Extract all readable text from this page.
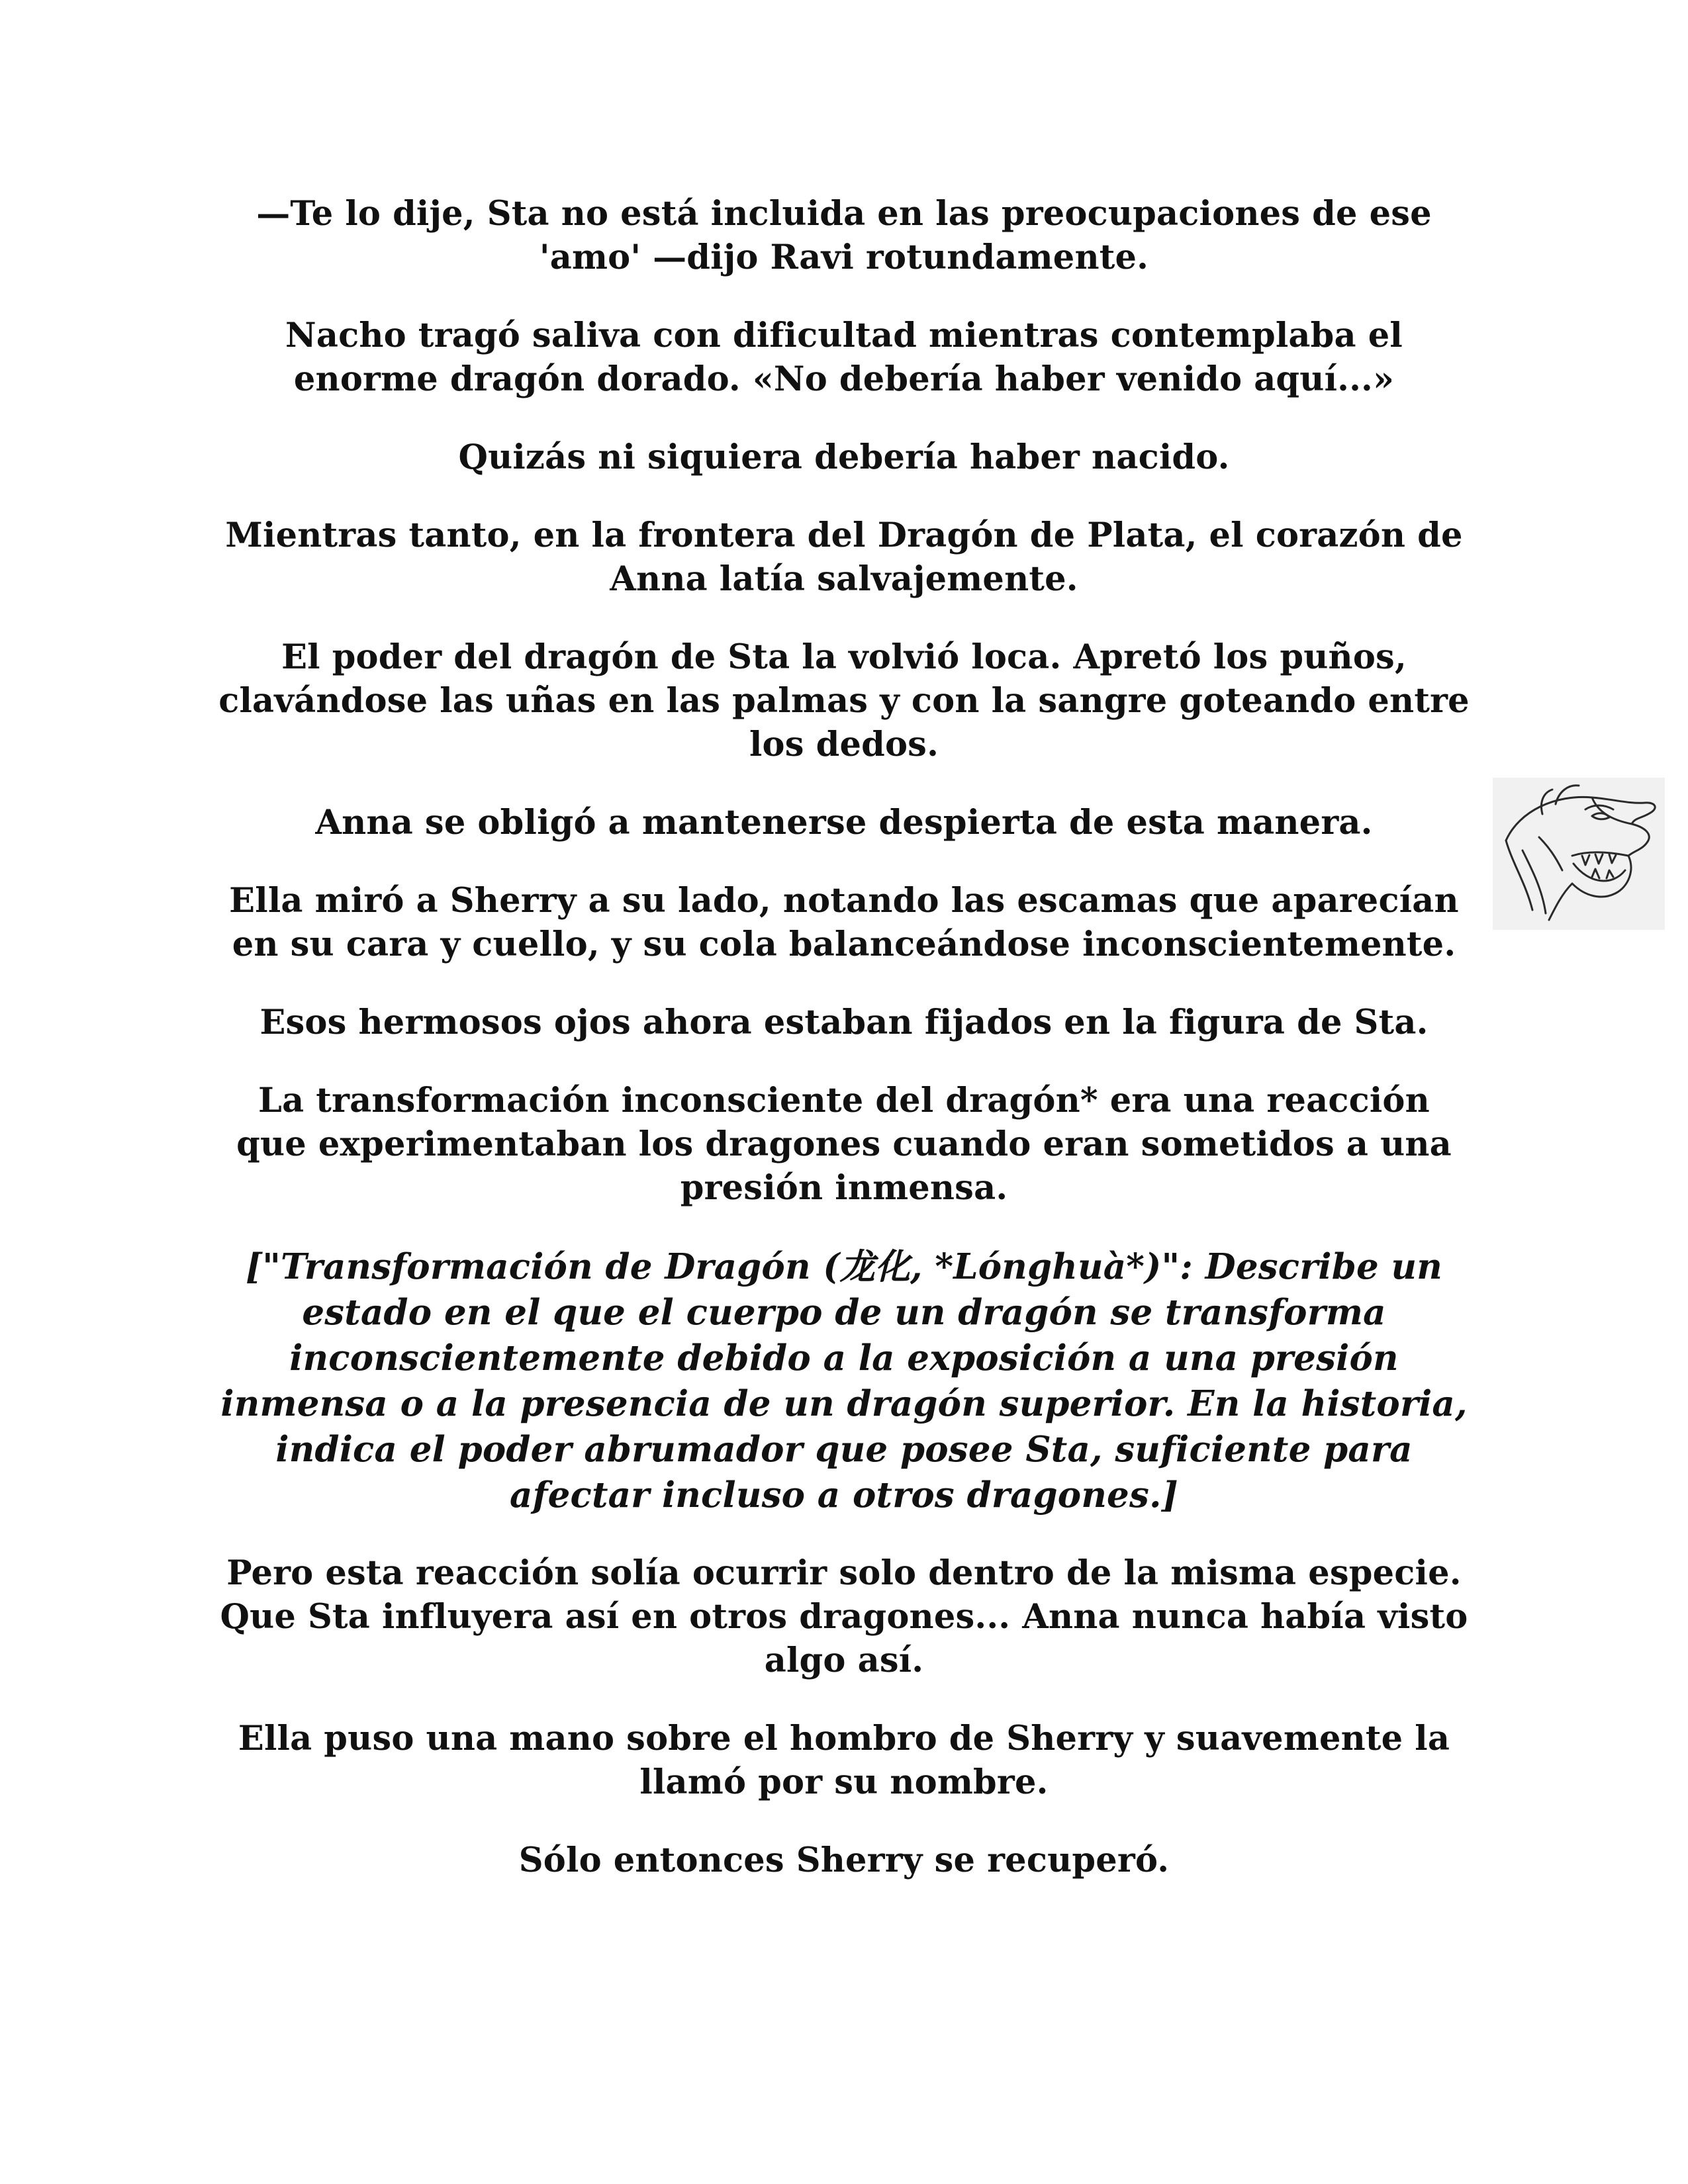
—Te lo dije, Sta no está incluida en las preocupaciones de ese 'amo' —dijo Ravi rotundamente.

Nacho tragó saliva con dificultad mientras contemplaba el enorme dragón dorado. «No debería haber venido aquí...»

Quizás ni siquiera debería haber nacido.

Mientras tanto, en la frontera del Dragón de Plata, el corazón de Anna latía salvajemente.

El poder del dragón de Sta la volvió loca. Apretó los puños, clavándose las uñas en las palmas y con la sangre goteando entre los dedos.

Anna se obligó a mantenerse despierta de esta manera.

Ella miró a Sherry a su lado, notando las escamas que aparecían en su cara y cuello, y su cola balanceándose inconscientemente.

Esos hermosos ojos ahora estaban fijados en la figura de Sta.

La transformación inconsciente del dragón* era una reacción que experimentaban los dragones cuando eran sometidos a una presión inmensa.

["Transformación de Dragón (龙化, *Lónghuà*)": Describe un estado en el que el cuerpo de un dragón se transforma inconscientemente debido a la exposición a una presión inmensa o a la presencia de un dragón superior. En la historia, indica el poder abrumador que posee Sta, suficiente para afectar incluso a otros dragones.]

Pero esta reacción solía ocurrir solo dentro de la misma especie. Que Sta influyera así en otros dragones... Anna nunca había visto algo así.

Ella puso una mano sobre el hombro de Sherry y suavemente la llamó por su nombre.

Sólo entonces Sherry se recuperó.
